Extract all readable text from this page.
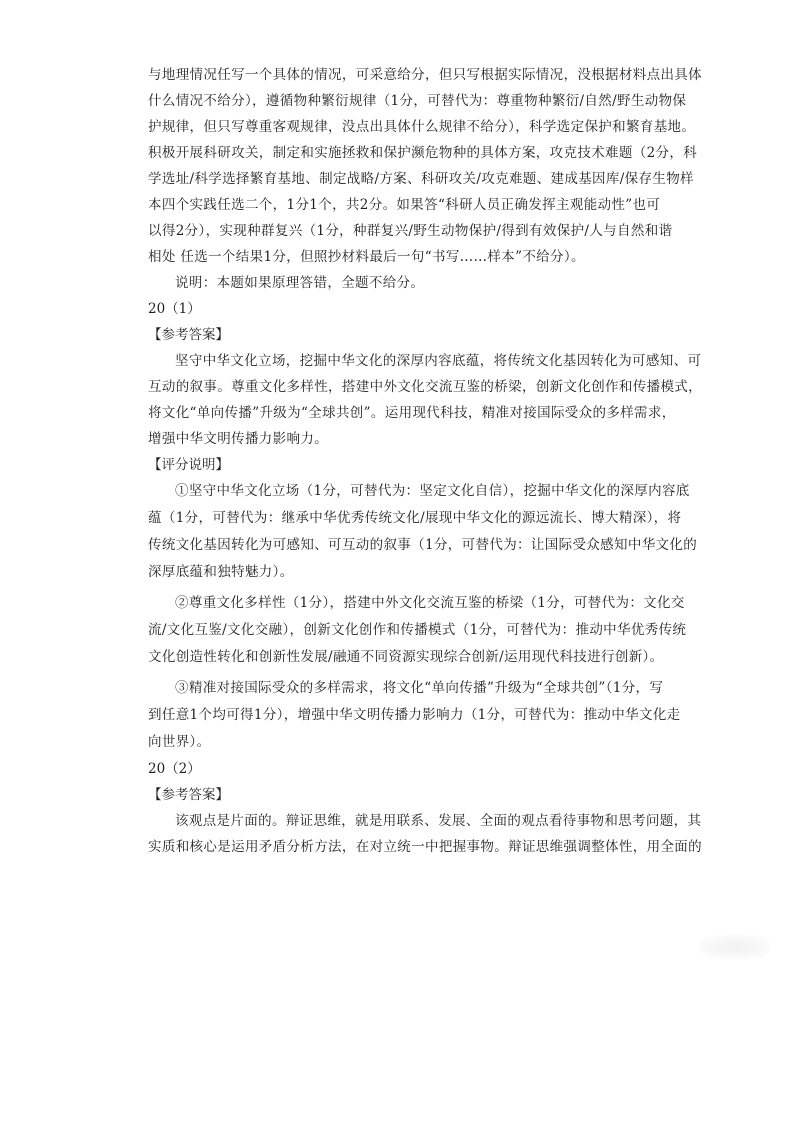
与地理情况任写一个具体的情况，可采意给分，但只写根据实际情况，没根据材料点出具体
什么情况不给分），遵循物种繁衍规律（1分，可替代为：尊重物种繁衍/自然/野生动物保
护规律，但只写尊重客观规律，没点出具体什么规律不给分），科学选定保护和繁育基地。
积极开展科研攻关，制定和实施拯救和保护濒危物种的具体方案，攻克技术难题（2分，科
学选址/科学选择繁育基地、制定战略/方案、科研攻关/攻克难题、建成基因库/保存生物样
本四个实践任选二个，1分1个，共2分。如果答“科研人员正确发挥主观能动性”也可
以得2分），实现种群复兴（1分，种群复兴/野生动物保护/得到有效保护/人与自然和谐
相处 任选一个结果1分，但照抄材料最后一句“书写……样本”不给分）。
说明：本题如果原理答错，全题不给分。
20（1）
【参考答案】
坚守中华文化立场，挖掘中华文化的深厚内容底蕴，将传统文化基因转化为可感知、可
互动的叙事。尊重文化多样性，搭建中外文化交流互鉴的桥梁，创新文化创作和传播模式，
将文化“单向传播”升级为“全球共创”。运用现代科技，精准对接国际受众的多样需求，
增强中华文明传播力影响力。
【评分说明】
①坚守中华文化立场（1分，可替代为：坚定文化自信），挖掘中华文化的深厚内容底
蕴（1分，可替代为：继承中华优秀传统文化/展现中华文化的源远流长、博大精深），将
传统文化基因转化为可感知、可互动的叙事（1分，可替代为：让国际受众感知中华文化的
深厚底蕴和独特魅力）。
②尊重文化多样性（1分），搭建中外文化交流互鉴的桥梁（1分，可替代为：文化交
流/文化互鉴/文化交融），创新文化创作和传播模式（1分，可替代为：推动中华优秀传统
文化创造性转化和创新性发展/融通不同资源实现综合创新/运用现代科技进行创新）。
③精准对接国际受众的多样需求，将文化“单向传播”升级为“全球共创”（1分，写
到任意1个均可得1分），增强中华文明传播力影响力（1分，可替代为：推动中华文化走
向世界）。
20（2）
【参考答案】
该观点是片面的。辩证思维，就是用联系、发展、全面的观点看待事物和思考问题，其
实质和核心是运用矛盾分析方法，在对立统一中把握事物。辩证思维强调整体性，用全面的
